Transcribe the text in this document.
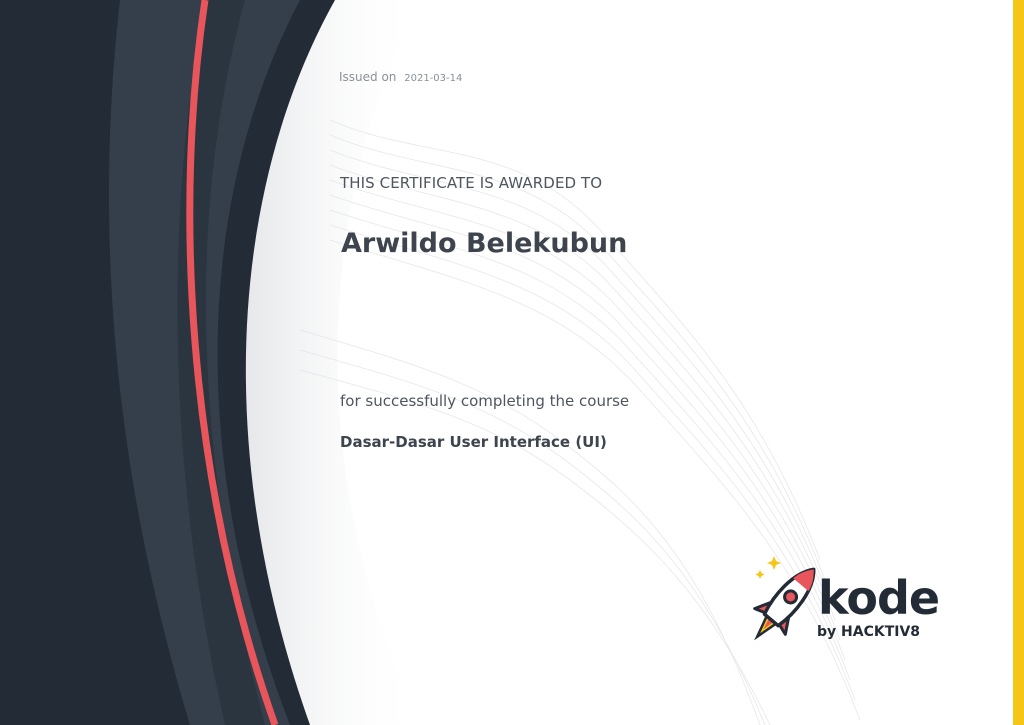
Issued on 2021-03-14
THIS CERTIFICATE IS AWARDED TO
Arwildo Belekubun
for successfully completing the course
Dasar-Dasar User Interface (UI)
kode
by HACKTIV8
